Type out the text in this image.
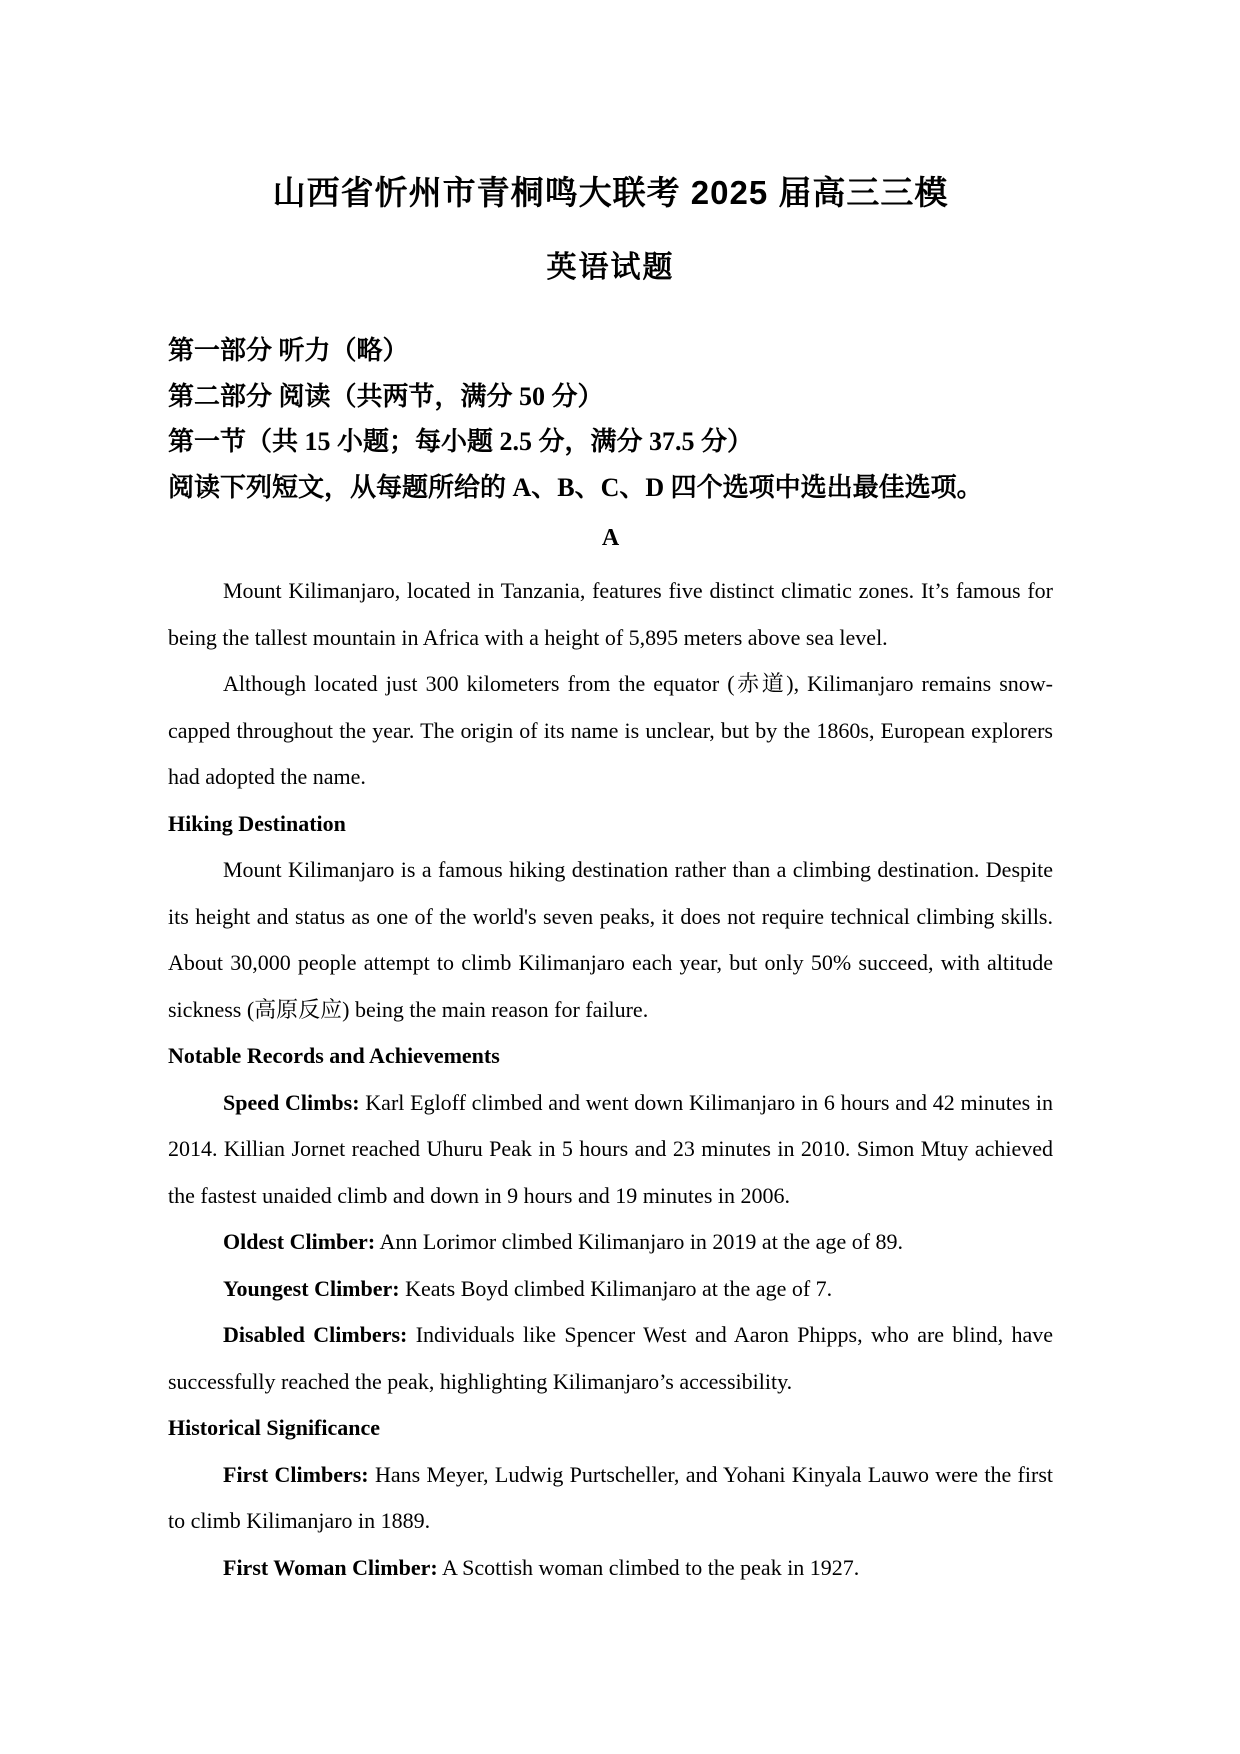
山西省忻州市青桐鸣大联考 2025 届高三三模
英语试题
第一部分 听力（略）
第二部分 阅读（共两节，满分 50 分）
第一节（共 15 小题；每小题 2.5 分，满分 37.5 分）
阅读下列短文，从每题所给的 A、B、C、D 四个选项中选出最佳选项。
A

Mount Kilimanjaro, located in Tanzania, features five distinct climatic zones. It’s famous for being the tallest mountain in Africa with a height of 5,895 meters above sea level.

Although located just 300 kilometers from the equator (赤道), Kilimanjaro remains snow-capped throughout the year. The origin of its name is unclear, but by the 1860s, European explorers had adopted the name.

Hiking Destination

Mount Kilimanjaro is a famous hiking destination rather than a climbing destination. Despite its height and status as one of the world's seven peaks, it does not require technical climbing skills. About 30,000 people attempt to climb Kilimanjaro each year, but only 50% succeed, with altitude sickness (高原反应) being the main reason for failure.

Notable Records and Achievements

Speed Climbs: Karl Egloff climbed and went down Kilimanjaro in 6 hours and 42 minutes in 2014. Killian Jornet reached Uhuru Peak in 5 hours and 23 minutes in 2010. Simon Mtuy achieved the fastest unaided climb and down in 9 hours and 19 minutes in 2006.

Oldest Climber: Ann Lorimor climbed Kilimanjaro in 2019 at the age of 89.

Youngest Climber: Keats Boyd climbed Kilimanjaro at the age of 7.

Disabled Climbers: Individuals like Spencer West and Aaron Phipps, who are blind, have successfully reached the peak, highlighting Kilimanjaro’s accessibility.

Historical Significance

First Climbers: Hans Meyer, Ludwig Purtscheller, and Yohani Kinyala Lauwo were the first to climb Kilimanjaro in 1889.

First Woman Climber: A Scottish woman climbed to the peak in 1927.
